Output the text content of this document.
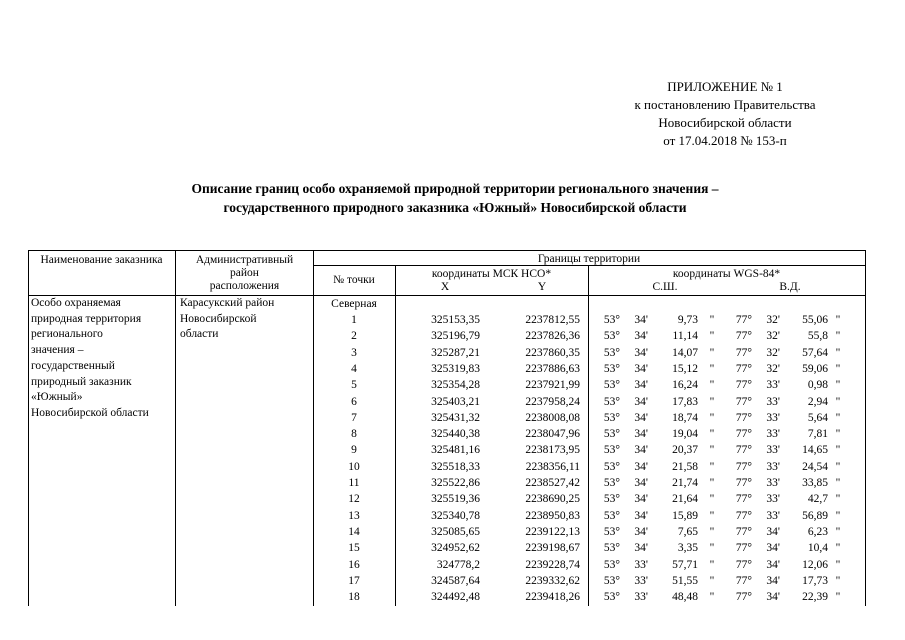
ПРИЛОЖЕНИЕ № 1
к постановлению Правительства
Новосибирской области
от 17.04.2018 № 153-п
Описание границ особо охраняемой природной территории регионального значения –
государственного природного заказника «Южный» Новосибирской области
Наименование заказника	Административный район расположения
Границы территории
№ точки	координаты МСК НСО*
X	Y
координаты WGS-84*
С.Ш.	В.Д.
Особо охраняемая
природная территория
регионального
значения –
государственный
природный заказник
«Южный»
Новосибирской области
Карасукский район
Новосибирской
области
Северная
1	325153,35	2237812,55	53°	34'	9,73 "	77°	32'	55,06 "
2	325196,79	2237826,36	53°	34'	11,14 "	77°	32'	55,8 "
3	325287,21	2237860,35	53°	34'	14,07 "	77°	32'	57,64 "
4	325319,83	2237886,63	53°	34'	15,12 "	77°	32'	59,06 "
5	325354,28	2237921,99	53°	34'	16,24 "	77°	33'	0,98 "
6	325403,21	2237958,24	53°	34'	17,83 "	77°	33'	2,94 "
7	325431,32	2238008,08	53°	34'	18,74 "	77°	33'	5,64 "
8	325440,38	2238047,96	53°	34'	19,04 "	77°	33'	7,81 "
9	325481,16	2238173,95	53°	34'	20,37 "	77°	33'	14,65 "
10	325518,33	2238356,11	53°	34'	21,58 "	77°	33'	24,54 "
11	325522,86	2238527,42	53°	34'	21,74 "	77°	33'	33,85 "
12	325519,36	2238690,25	53°	34'	21,64 "	77°	33'	42,7 "
13	325340,78	2238950,83	53°	34'	15,89 "	77°	33'	56,89 "
14	325085,65	2239122,13	53°	34'	7,65 "	77°	34'	6,23 "
15	324952,62	2239198,67	53°	34'	3,35 "	77°	34'	10,4 "
16	324778,2	2239228,74	53°	33'	57,71 "	77°	34'	12,06 "
17	324587,64	2239332,62	53°	33'	51,55 "	77°	34'	17,73 "
18	324492,48	2239418,26	53°	33'	48,48 "	77°	34'	22,39 "
